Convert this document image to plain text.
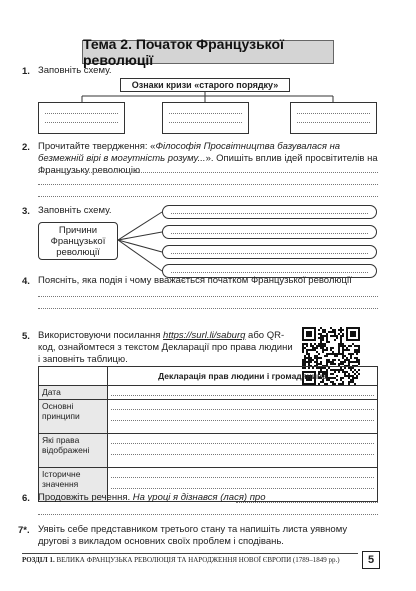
Тема 2. Початок Французької революції
1. Заповніть схему.
Ознаки кризи «старого порядку»
2. Прочитайте твердження: «Філософія Просвітництва базувалася на безмежній вірі в могутність розуму...». Опишіть вплив ідей просвітителів на Французьку революцію
3. Заповніть схему.
Причини Французької революції
4. Поясніть, яка подія і чому вважається початком Французької революції
5. Використовуючи посилання https://surl.li/saburq або QR-код, ознайомтеся з текстом Декларації про права людини і заповніть таблицю.
	Декларація прав людини і громадянина
Дата	

Основні принципи	

Які права відображені	

Історичне значення	
6. Продовжіть речення. На уроці я дізнався (лася) про
7*. Уявіть себе представником третього стану та напишіть листа уявному другові з викладом основних своїх проблем і сподівань.
РОЗДІЛ 1. ВЕЛИКА ФРАНЦУЗЬКА РЕВОЛЮЦІЯ ТА НАРОДЖЕННЯ НОВОЇ ЄВРОПИ (1789–1849 рр.)	5
